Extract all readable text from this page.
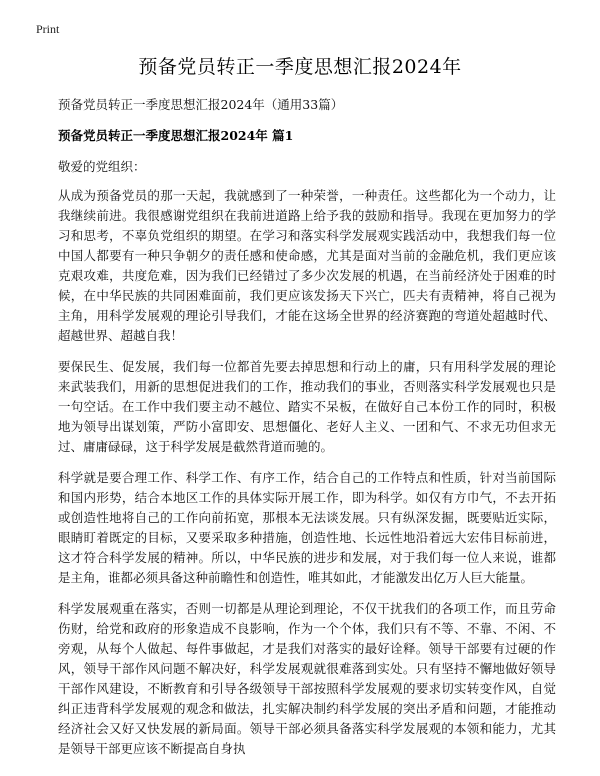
Print
预备党员转正一季度思想汇报2024年
预备党员转正一季度思想汇报2024年（通用33篇）
预备党员转正一季度思想汇报2024年 篇1
敬爱的党组织：

从成为预备党员的那一天起，我就感到了一种荣誉，一种责任。这些都化为一个动力，让我继续前进。我很感谢党组织在我前进道路上给予我的鼓励和指导。我现在更加努力的学习和思考，不辜负党组织的期望。在学习和落实科学发展观实践活动中，我想我们每一位中国人都要有一种只争朝夕的责任感和使命感，尤其是面对当前的金融危机，我们更应该克艰攻难，共度危难，因为我们已经错过了多少次发展的机遇，在当前经济处于困难的时候，在中华民族的共同困难面前，我们更应该发扬天下兴亡，匹夫有责精神，将自己视为主角，用科学发展观的理论引导我们，才能在这场全世界的经济赛跑的弯道处超越时代、超越世界、超越自我！

要保民生、促发展，我们每一位都首先要去掉思想和行动上的庸，只有用科学发展的理论来武装我们，用新的思想促进我们的工作，推动我们的事业，否则落实科学发展观也只是一句空话。在工作中我们要主动不越位、踏实不呆板，在做好自己本份工作的同时，积极地为领导出谋划策，严防小富即安、思想僵化、老好人主义、一团和气、不求无功但求无过、庸庸碌碌，这于科学发展是截然背道而驰的。

科学就是要合理工作、科学工作、有序工作，结合自己的工作特点和性质，针对当前国际和国内形势，结合本地区工作的具体实际开展工作，即为科学。如仅有方巾气，不去开拓或创造性地将自己的工作向前拓宽，那根本无法谈发展。只有纵深发掘，既要贴近实际，眼睛盯着既定的目标，又要采取多种措施，创造性地、长远性地沿着远大宏伟目标前进，这才符合科学发展的精神。所以，中华民族的进步和发展，对于我们每一位人来说，谁都是主角，谁都必须具备这种前瞻性和创造性，唯其如此，才能激发出亿万人巨大能量。

科学发展观重在落实，否则一切都是从理论到理论，不仅干扰我们的各项工作，而且劳命伤财，给党和政府的形象造成不良影响，作为一个个体，我们只有不等、不靠、不闲、不旁观，从每个人做起、每件事做起，才是我们对落实的最好诠释。领导干部要有过硬的作风，领导干部作风问题不解决好，科学发展观就很难落到实处。只有坚持不懈地做好领导干部作风建设，不断教育和引导各级领导干部按照科学发展观的要求切实转变作风，自觉纠正违背科学发展观的观念和做法，扎实解决制约科学发展的突出矛盾和问题，才能推动经济社会又好又快发展的新局面。领导干部必须具备落实科学发展观的本领和能力，尤其是领导干部更应该不断提高自身执
